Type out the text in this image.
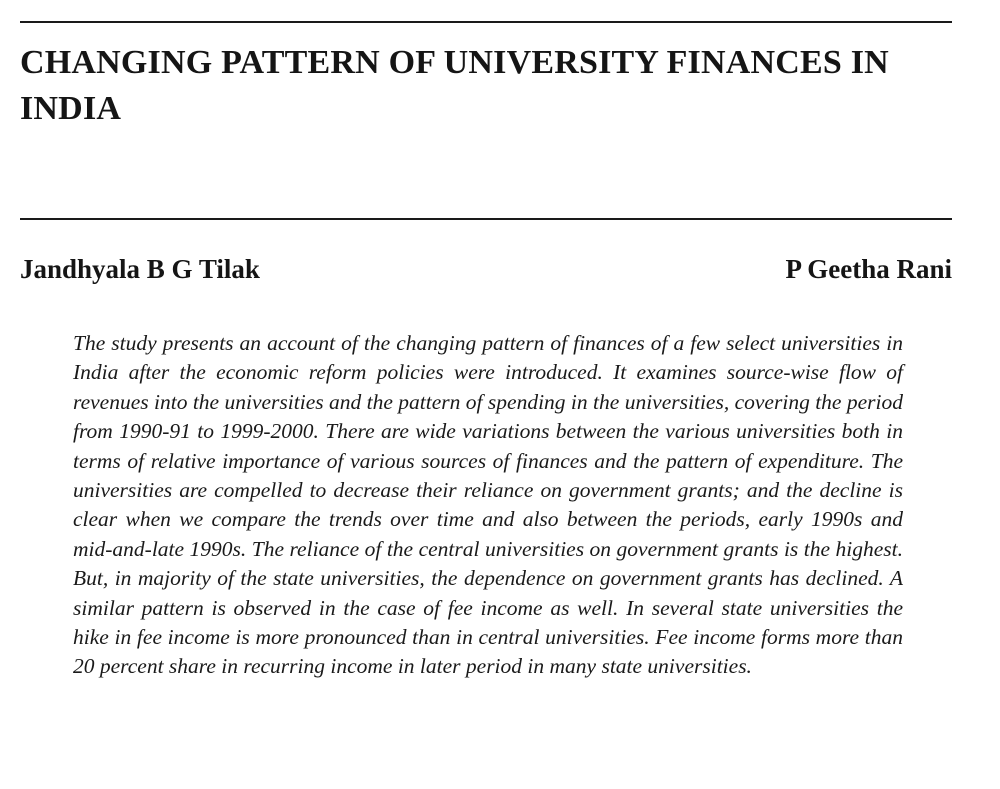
CHANGING PATTERN OF UNIVERSITY FINANCES IN INDIA
Jandhyala B G Tilak	P Geetha Rani

The study presents an account of the changing pattern of finances of a few select universities in India after the economic reform policies were introduced. It examines source-wise flow of revenues into the universities and the pattern of spending in the universities, covering the period from 1990-91 to 1999-2000. There are wide variations between the various universities both in terms of relative importance of various sources of finances and the pattern of expenditure. The universities are compelled to decrease their reliance on government grants; and the decline is clear when we compare the trends over time and also between the periods, early 1990s and mid-and-late 1990s. The reliance of the central universities on government grants is the highest. But, in majority of the state universities, the dependence on government grants has declined. A similar pattern is observed in the case of fee income as well. In several state universities the hike in fee income is more pronounced than in central universities. Fee income forms more than 20 percent share in recurring income in later period in many state universities.
